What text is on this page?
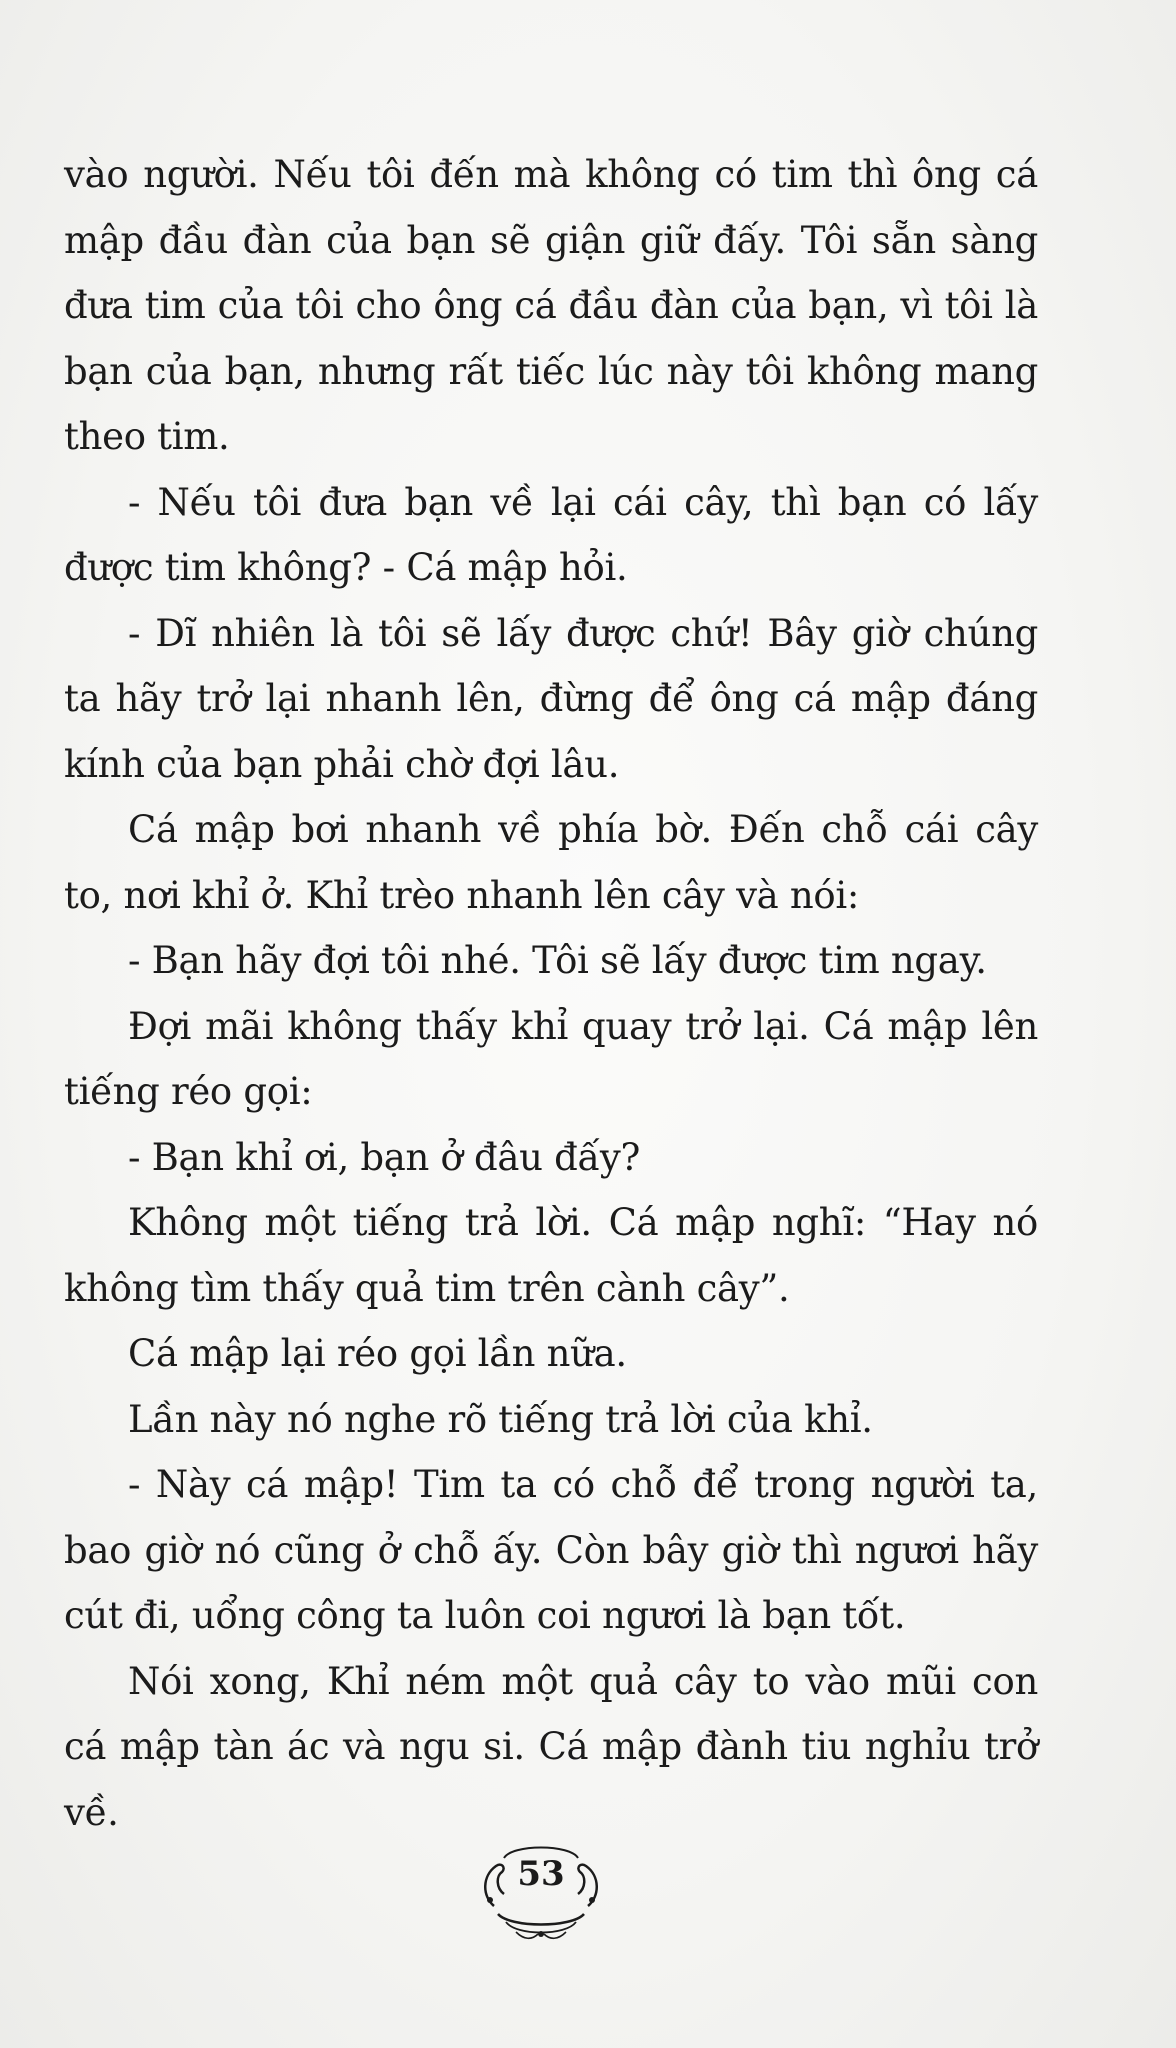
vào người. Nếu tôi đến mà không có tim thì ông cá mập đầu đàn của bạn sẽ giận giữ đấy. Tôi sẵn sàng đưa tim của tôi cho ông cá đầu đàn của bạn, vì tôi là bạn của bạn, nhưng rất tiếc lúc này tôi không mang theo tim.

- Nếu tôi đưa bạn về lại cái cây, thì bạn có lấy được tim không? - Cá mập hỏi.

- Dĩ nhiên là tôi sẽ lấy được chứ! Bây giờ chúng ta hãy trở lại nhanh lên, đừng để ông cá mập đáng kính của bạn phải chờ đợi lâu.

Cá mập bơi nhanh về phía bờ. Đến chỗ cái cây to, nơi khỉ ở. Khỉ trèo nhanh lên cây và nói:

- Bạn hãy đợi tôi nhé. Tôi sẽ lấy được tim ngay.

Đợi mãi không thấy khỉ quay trở lại. Cá mập lên tiếng réo gọi:

- Bạn khỉ ơi, bạn ở đâu đấy?

Không một tiếng trả lời. Cá mập nghĩ: “Hay nó không tìm thấy quả tim trên cành cây”.

Cá mập lại réo gọi lần nữa.

Lần này nó nghe rõ tiếng trả lời của khỉ.

- Này cá mập! Tim ta có chỗ để trong người ta, bao giờ nó cũng ở chỗ ấy. Còn bây giờ thì ngươi hãy cút đi, uổng công ta luôn coi ngươi là bạn tốt.

Nói xong, Khỉ ném một quả cây to vào mũi con cá mập tàn ác và ngu si. Cá mập đành tiu nghỉu trở về.

53
